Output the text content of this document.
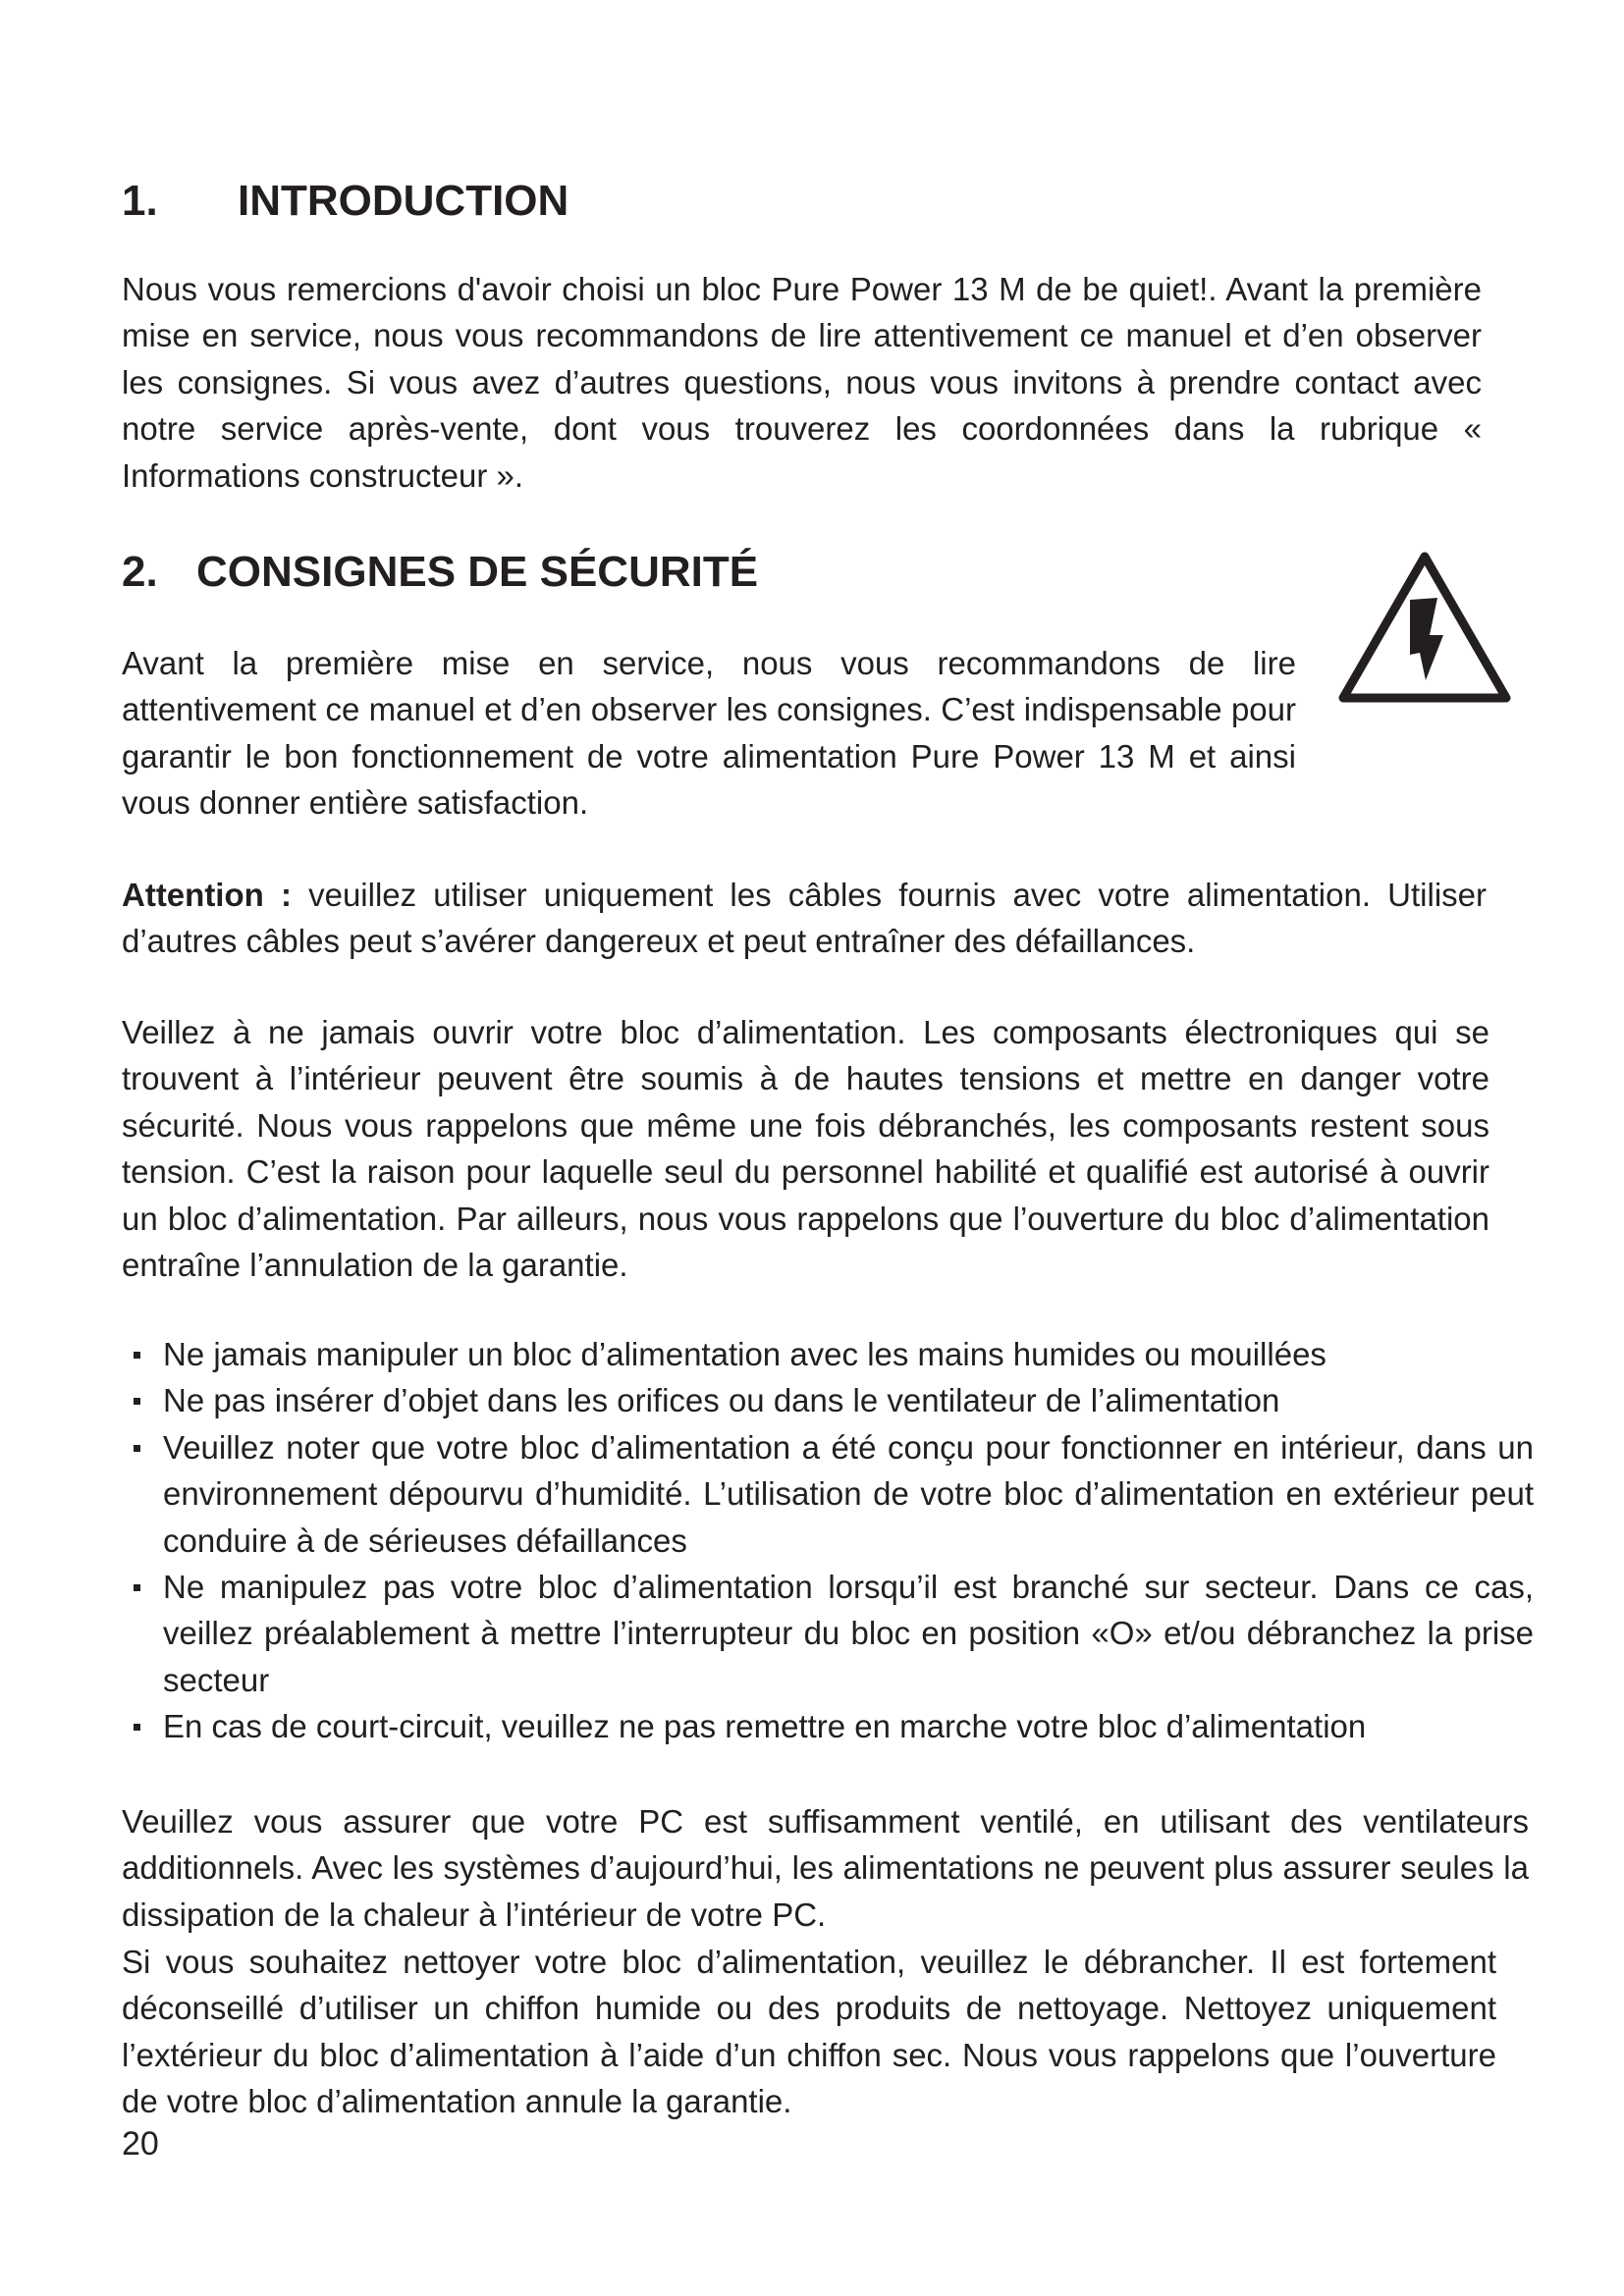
1. INTRODUCTION

Nous vous remercions d'avoir choisi un bloc Pure Power 13 M de be quiet!. Avant la première mise en service, nous vous recommandons de lire attentivement ce manuel et d’en observer les consignes. Si vous avez d’autres questions, nous vous invitons à prendre contact avec notre service après-vente, dont vous trouverez les coordonnées dans la rubrique « Informations constructeur ».

2. CONSIGNES DE SÉCURITÉ

Avant la première mise en service, nous vous recommandons de lire attentivement ce manuel et d’en observer les consignes. C’est indispensable pour garantir le bon fonctionnement de votre alimentation Pure Power 13 M et ainsi vous donner entière satisfaction.

Attention : veuillez utiliser uniquement les câbles fournis avec votre alimentation. Utiliser d’autres câbles peut s’avérer dangereux et peut entraîner des défaillances.

Veillez à ne jamais ouvrir votre bloc d’alimentation. Les composants électroniques qui se trouvent à l’intérieur peuvent être soumis à de hautes tensions et mettre en danger votre sécurité. Nous vous rappelons que même une fois débranchés, les composants restent sous tension. C’est la raison pour laquelle seul du personnel habilité et qualifié est autorisé à ouvrir un bloc d’alimentation. Par ailleurs, nous vous rappelons que l’ouverture du bloc d’alimentation entraîne l’annulation de la garantie.

Ne jamais manipuler un bloc d’alimentation avec les mains humides ou mouillées
Ne pas insérer d’objet dans les orifices ou dans le ventilateur de l’alimentation
Veuillez noter que votre bloc d’alimentation a été conçu pour fonctionner en intérieur, dans un environnement dépourvu d’humidité. L’utilisation de votre bloc d’alimentation en extérieur peut conduire à de sérieuses défaillances
Ne manipulez pas votre bloc d’alimentation lorsqu’il est branché sur secteur. Dans ce cas, veillez préalablement à mettre l’interrupteur du bloc en position «O» et/ou débranchez la prise secteur
En cas de court-circuit, veuillez ne pas remettre en marche votre bloc d’alimentation

Veuillez vous assurer que votre PC est suffisamment ventilé, en utilisant des ventilateurs additionnels. Avec les systèmes d’aujourd’hui, les alimentations ne peuvent plus assurer seules la dissipation de la chaleur à l’intérieur de votre PC.

Si vous souhaitez nettoyer votre bloc d’alimentation, veuillez le débrancher. Il est fortement déconseillé d’utiliser un chiffon humide ou des produits de nettoyage. Nettoyez uniquement l’extérieur du bloc d’alimentation à l’aide d’un chiffon sec. Nous vous rappelons que l’ouverture de votre bloc d’alimentation annule la garantie.

20
